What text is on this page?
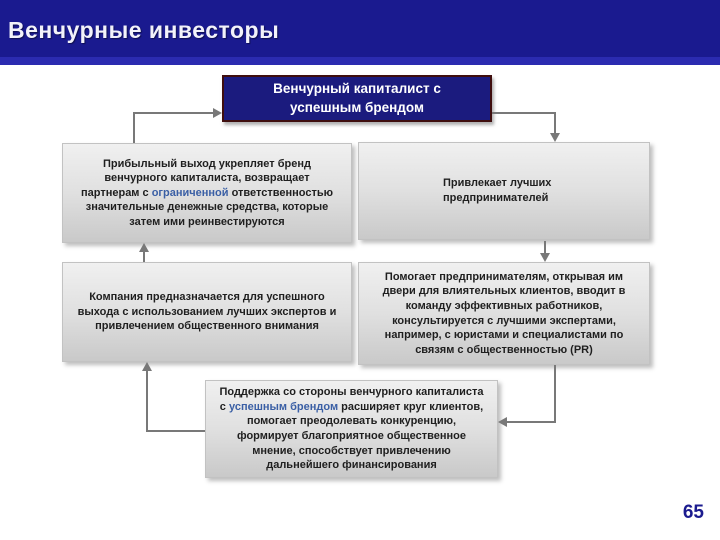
Венчурные инвесторы
Венчурный капиталист с
успешным брендом
Прибыльный выход укрепляет бренд венчурного капиталиста, возвращает партнерам с ограниченной ответственностью значительные денежные средства, которые затем ими реинвестируются
Компания предназначается для успешного выхода с использованием лучших экспертов и привлечением общественного внимания
Привлекает лучших предпринимателей
Помогает предпринимателям, открывая им двери для влиятельных клиентов, вводит в команду эффективных работников, консультируется с лучшими экспертами, например, с юристами и специалистами по связям с общественностью (PR)
Поддержка со стороны венчурного капиталиста с успешным брендом расширяет круг клиентов, помогает преодолевать конкуренцию, формирует благоприятное общественное мнение, способствует привлечению дальнейшего финансирования
65
